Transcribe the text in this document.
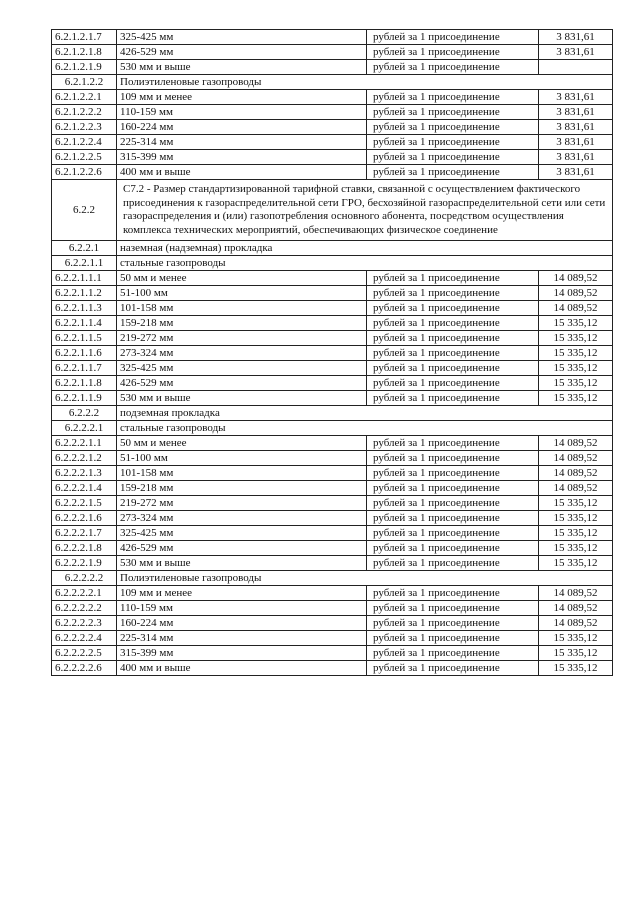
6.2.1.2.1.7	325-425 мм	рублей за 1 присоединение	3 831,61
6.2.1.2.1.8	426-529 мм	рублей за 1 присоединение	3 831,61
6.2.1.2.1.9	530 мм и выше	рублей за 1 присоединение	
6.2.1.2.2	Полиэтиленовые газопроводы		
6.2.1.2.2.1	109 мм и менее	рублей за 1 присоединение	3 831,61
6.2.1.2.2.2	110-159 мм	рублей за 1 присоединение	3 831,61
6.2.1.2.2.3	160-224 мм	рублей за 1 присоединение	3 831,61
6.2.1.2.2.4	225-314 мм	рублей за 1 присоединение	3 831,61
6.2.1.2.2.5	315-399 мм	рублей за 1 присоединение	3 831,61
6.2.1.2.2.6	400 мм и выше	рублей за 1 присоединение	3 831,61
6.2.2	С7.2 - Размер стандартизированной тарифной ставки, связанной с осуществлением фактического присоединения к газораспределительной сети ГРО, бесхозяйной газораспределительной сети или сети газораспределения и (или) газопотребления основного абонента, посредством осуществления комплекса технических мероприятий, обеспечивающих физическое соединение		
6.2.2.1	наземная (надземная) прокладка		
6.2.2.1.1	стальные газопроводы		
6.2.2.1.1.1	50 мм и менее	рублей за 1 присоединение	14 089,52
6.2.2.1.1.2	51-100 мм	рублей за 1 присоединение	14 089,52
6.2.2.1.1.3	101-158 мм	рублей за 1 присоединение	14 089,52
6.2.2.1.1.4	159-218 мм	рублей за 1 присоединение	15 335,12
6.2.2.1.1.5	219-272 мм	рублей за 1 присоединение	15 335,12
6.2.2.1.1.6	273-324 мм	рублей за 1 присоединение	15 335,12
6.2.2.1.1.7	325-425 мм	рублей за 1 присоединение	15 335,12
6.2.2.1.1.8	426-529 мм	рублей за 1 присоединение	15 335,12
6.2.2.1.1.9	530 мм и выше	рублей за 1 присоединение	15 335,12
6.2.2.2	подземная прокладка		
6.2.2.2.1	стальные газопроводы		
6.2.2.2.1.1	50 мм и менее	рублей за 1 присоединение	14 089,52
6.2.2.2.1.2	51-100 мм	рублей за 1 присоединение	14 089,52
6.2.2.2.1.3	101-158 мм	рублей за 1 присоединение	14 089,52
6.2.2.2.1.4	159-218 мм	рублей за 1 присоединение	14 089,52
6.2.2.2.1.5	219-272 мм	рублей за 1 присоединение	15 335,12
6.2.2.2.1.6	273-324 мм	рублей за 1 присоединение	15 335,12
6.2.2.2.1.7	325-425 мм	рублей за 1 присоединение	15 335,12
6.2.2.2.1.8	426-529 мм	рублей за 1 присоединение	15 335,12
6.2.2.2.1.9	530 мм и выше	рублей за 1 присоединение	15 335,12
6.2.2.2.2	Полиэтиленовые газопроводы		
6.2.2.2.2.1	109 мм и менее	рублей за 1 присоединение	14 089,52
6.2.2.2.2.2	110-159 мм	рублей за 1 присоединение	14 089,52
6.2.2.2.2.3	160-224 мм	рублей за 1 присоединение	14 089,52
6.2.2.2.2.4	225-314 мм	рублей за 1 присоединение	15 335,12
6.2.2.2.2.5	315-399 мм	рублей за 1 присоединение	15 335,12
6.2.2.2.2.6	400 мм и выше	рублей за 1 присоединение	15 335,12
